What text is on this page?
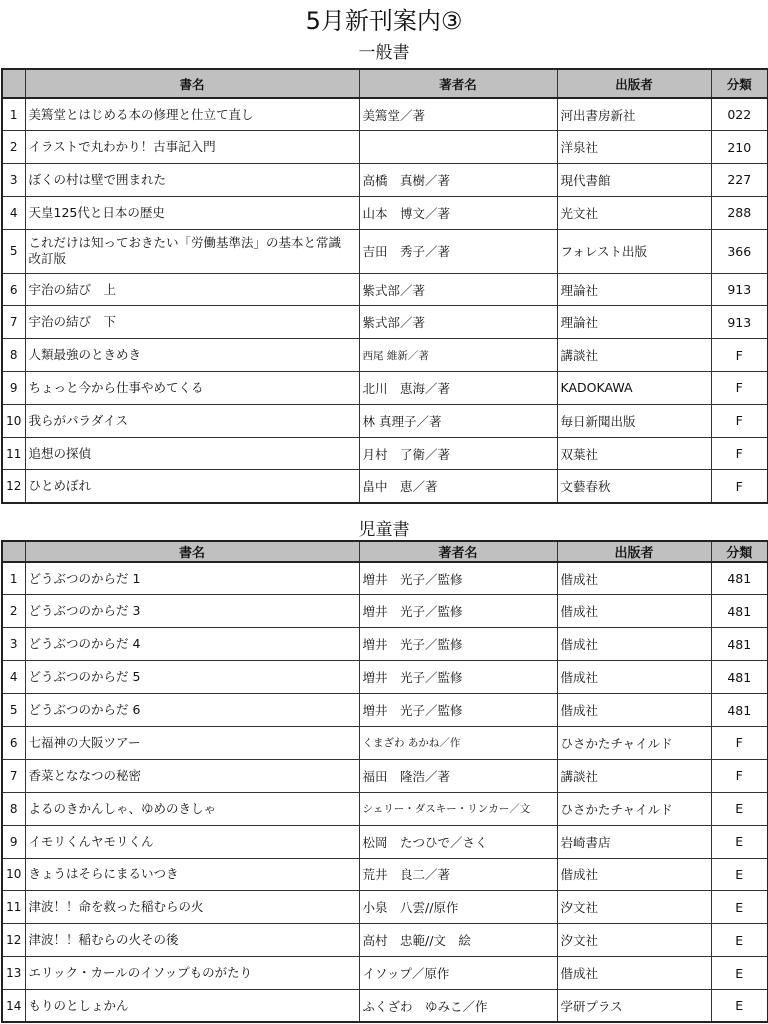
5月新刊案内③
一般書
	書名	著者名	出版者	分類
1	美篶堂とはじめる本の修理と仕立て直し	美篶堂／著	河出書房新社	022
2	イラストで丸わかり！古事記入門		洋泉社	210
3	ぼくの村は壁で囲まれた	高橋　真樹／著	現代書館	227
4	天皇125代と日本の歴史	山本　博文／著	光文社	288
5	これだけは知っておきたい「労働基準法」の基本と常識 改訂版	吉田　秀子／著	フォレスト出版	366
6	宇治の結び　上	紫式部／著	理論社	913
7	宇治の結び　下	紫式部／著	理論社	913
8	人類最強のときめき	西尾 維新／著	講談社	F
9	ちょっと今から仕事やめてくる	北川　恵海／著	KADOKAWA	F
10	我らがパラダイス	林 真理子／著	毎日新聞出版	F
11	追想の探偵	月村　了衛／著	双葉社	F
12	ひとめぼれ	畠中　恵／著	文藝春秋	F
児童書
	書名	著者名	出版者	分類
1	どうぶつのからだ 1	増井　光子／監修	偕成社	481
2	どうぶつのからだ 3	増井　光子／監修	偕成社	481
3	どうぶつのからだ 4	増井　光子／監修	偕成社	481
4	どうぶつのからだ 5	増井　光子／監修	偕成社	481
5	どうぶつのからだ 6	増井　光子／監修	偕成社	481
6	七福神の大阪ツアー	くまざわ あかね／作	ひさかたチャイルド	F
7	香菜とななつの秘密	福田　隆浩／著	講談社	F
8	よるのきかんしゃ、ゆめのきしゃ	シェリー・ダスキー・リンカー／文	ひさかたチャイルド	E
9	イモリくんヤモリくん	松岡　たつひで／さく	岩崎書店	E
10	きょうはそらにまるいつき	荒井　良二／著	偕成社	E
11	津波！！命を救った稲むらの火	小泉　八雲//原作	汐文社	E
12	津波！！稲むらの火その後	高村　忠範//文　絵	汐文社	E
13	エリック・カールのイソップものがたり	イソップ／原作	偕成社	E
14	もりのとしょかん	ふくざわ　ゆみこ／作	学研プラス	E
